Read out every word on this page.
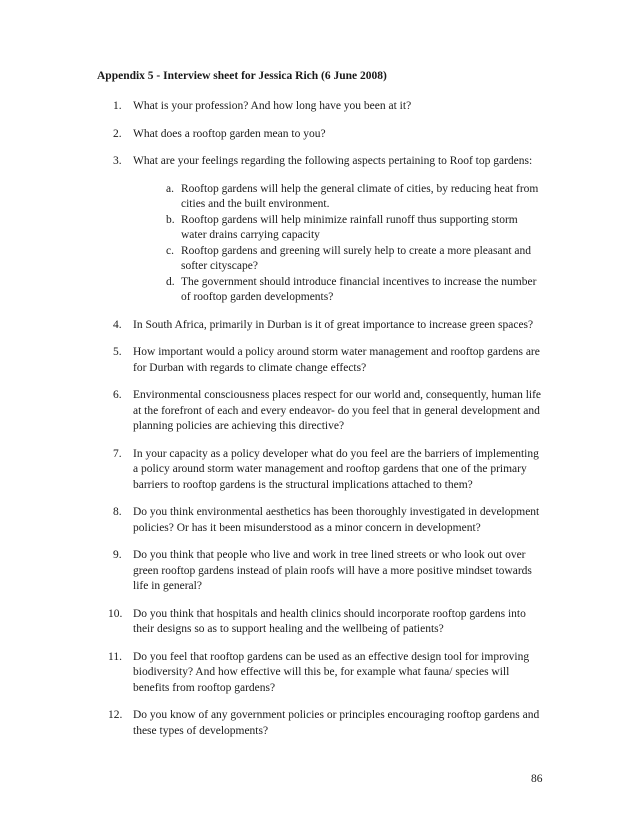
Appendix 5 - Interview sheet for Jessica Rich (6 June 2008)
1. What is your profession? And how long have you been at it?
2. What does a rooftop garden mean to you?
3. What are your feelings regarding the following aspects pertaining to Roof top gardens:
a. Rooftop gardens will help the general climate of cities, by reducing heat from cities and the built environment.
b. Rooftop gardens will help minimize rainfall runoff thus supporting storm water drains carrying capacity
c. Rooftop gardens and greening will surely help to create a more pleasant and softer cityscape?
d. The government should introduce financial incentives to increase the number of rooftop garden developments?
4. In South Africa, primarily in Durban is it of great importance to increase green spaces?
5. How important would a policy around storm water management and rooftop gardens are for Durban with regards to climate change effects?
6. Environmental consciousness places respect for our world and, consequently, human life at the forefront of each and every endeavor- do you feel that in general development and planning policies are achieving this directive?
7. In your capacity as a policy developer what do you feel are the barriers of implementing a policy around storm water management and rooftop gardens that one of the primary barriers to rooftop gardens is the structural implications attached to them?
8. Do you think environmental aesthetics has been thoroughly investigated in development policies? Or has it been misunderstood as a minor concern in development?
9. Do you think that people who live and work in tree lined streets or who look out over green rooftop gardens instead of plain roofs will have a more positive mindset towards life in general?
10. Do you think that hospitals and health clinics should incorporate rooftop gardens into their designs so as to support healing and the wellbeing of patients?
11. Do you feel that rooftop gardens can be used as an effective design tool for improving biodiversity? And how effective will this be, for example what fauna/ species will benefits from rooftop gardens?
12. Do you know of any government policies or principles encouraging rooftop gardens and these types of developments?
86
